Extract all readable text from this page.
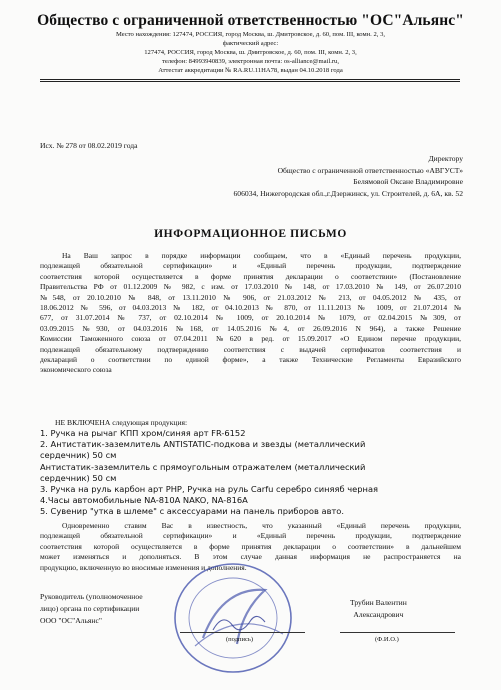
Общество с ограниченной ответственностью "ОС"Альянс"
Место нахождения: 127474, РОССИЯ, город Москва, ш. Дмитровское, д. 60, пом. III, комн. 2, 3,
фактический адрес:
127474, РОССИЯ, город Москва, ш. Дмитровское, д. 60, пом. III, комн. 2, 3,
телефон: 84993940839, электронная почта: os-alliance@mail.ru,
Аттестат аккредитации № RA.RU.11HA78, выдан 04.10.2018 года
Исх. № 278 от 08.02.2019 года
Директору
Общество с ограниченной ответственностью «АВГУСТ»
Белямовой Оксане Владимировне
606034, Нижегородская обл.,г.Дзержинск, ул. Строителей, д. 6А, кв. 52
ИНФОРМАЦИОННОЕ ПИСЬМО
На Ваш запрос в порядке информации сообщаем, что в «Единый перечень продукции,
подлежащей обязательной сертификации» и «Единый перечень продукции, подтверждение
соответствия которой осуществляется в форме принятия декларации о соответствии» (Постановление
Правительства РФ от 01.12.2009 № 982, с изм. от 17.03.2010 № 148, от 17.03.2010 № 149, от 26.07.2010
№548, от 20.10.2010 № 848, от 13.11.2010 № 906, от 21.03.2012 № 213, от 04.05.2012 № 435, от
18.06.2012 № 596, от 04.03.2013 № 182, от 04.10.2013 № 870, от 11.11.2013 № 1009, от 21.07.2014 №
677, от 31.07.2014 № 737, от 02.10.2014 № 1009, от 20.10.2014 № 1079, от 02.04.2015 №309, от
03.09.2015 №930, от 04.03.2016 №168, от 14.05.2016 №4, от 26.09.2016 N 964), а также Решение
Комиссии Таможенного союза от 07.04.2011 №620 в ред. от 15.09.2017 «О Едином перечне продукции,
подлежащей обязательному подтверждению соответствия с выдачей сертификатов соответствия и
деклараций о соответствии по единой форме», а также Технические Регламенты Евразийского
экономического союза
НЕ ВКЛЮЧЕНА следующая продукция:
1. Ручка на рычаг КПП хром/синяя арт FR-6152
2. Антистатик-заземлитель ANTISTATIC-подкова и звезды (металлический
сердечник) 50 см
Антистатик-заземлитель с прямоугольным отражателем (металлический
сердечник) 50 см
3. Ручка на руль карбон арт PHP, Ручка на руль Carfu серебро синяяб черная
4.Часы автомобильные NA-810A NAKO, NA-816A
5. Сувенир "утка в шлеме" с аксессуарами на панель приборов авто.
Одновременно ставим Вас в известность, что указанный «Единый перечень продукции,
подлежащей обязательной сертификации» и «Единый перечень продукции, подтверждение
соответствия которой осуществляется в форме принятия декларации о соответствии» в дальнейшем
может изменяться и дополняться. В этом случае данная информация не распространяется на
продукцию, включенную во вносимые изменения и дополнения.
Руководитель (уполномоченное
лицо) органа по сертификации
ООО "ОС"Альянс"
(подпись)
Трубин Валентин
Александрович
(Ф.И.О.)
